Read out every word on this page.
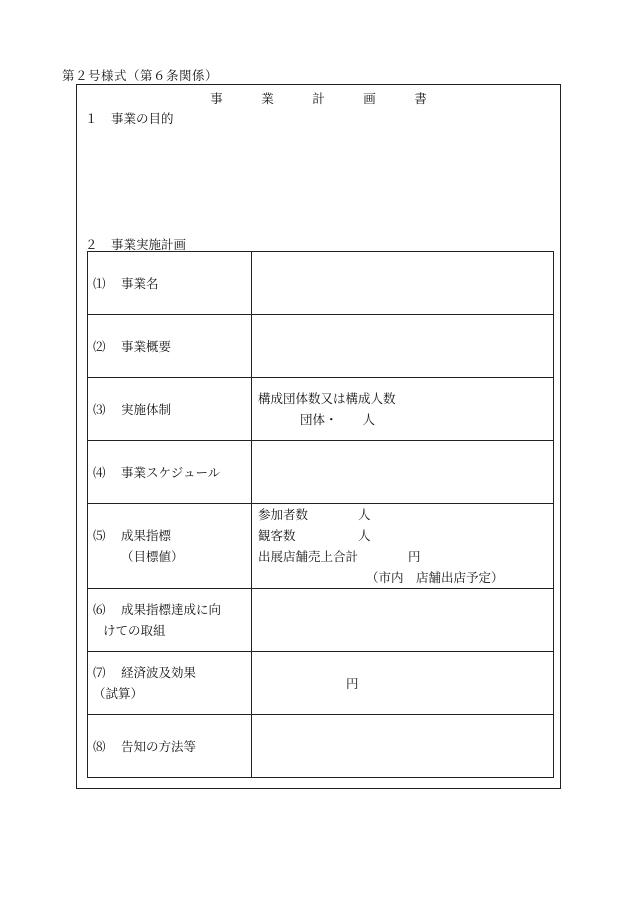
第２号様式（第６条関係）
事　業　計　画　書
１ 事業の目的
２ 事業実施計画
⑴ 事業名	
⑵ 事業概要	
⑶ 実施体制	構成団体数又は構成人数
団体・　　人

⑷ 事業スケジュール	

⑸ 成果指標
（目標値）	参加者数　　　　人
観客数　　　　　人
出展店舗売上合計　　　　円
（市内　店舗出店予定）

⑹ 成果指標達成に向
けての取組	

⑺ 経済波及効果
（試算）	円

⑻ 告知の方法等	
